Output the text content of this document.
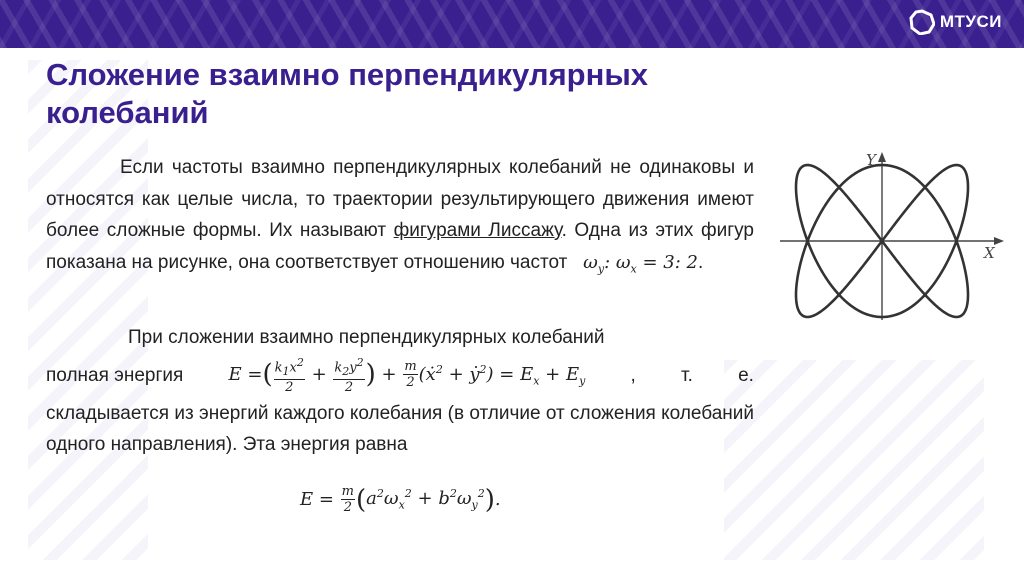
МТУСИ
Сложение взаимно перпендикулярных колебаний

Если частоты взаимно перпендикулярных колебаний не одинаковы и относятся как целые числа, то траектории результирующего движения имеют более сложные формы. Их называют фигурами Лиссажу. Одна из этих фигур показана на рисунке, она соответствует отношению частот   $\omega_y$: $\omega_x = 3$: 2.

При сложении взаимно перпендикулярных колебаний
полная энергия	E =( $\frac{k_1x^2}{2} + \frac{k_2y^2}{2}$ ) + $\frac{m}{2}$ (ẋ$^2$ + ẏ$^2$) = $E_x + E_y$ , т. е.
складывается из энергий каждого колебания (в отличие от сложения колебаний одного направления). Эта энергия равна
$E = \frac{m}{2}$ ( $a^2\omega_x^2 + b^2\omega_y^2$ ) .
Y
X
